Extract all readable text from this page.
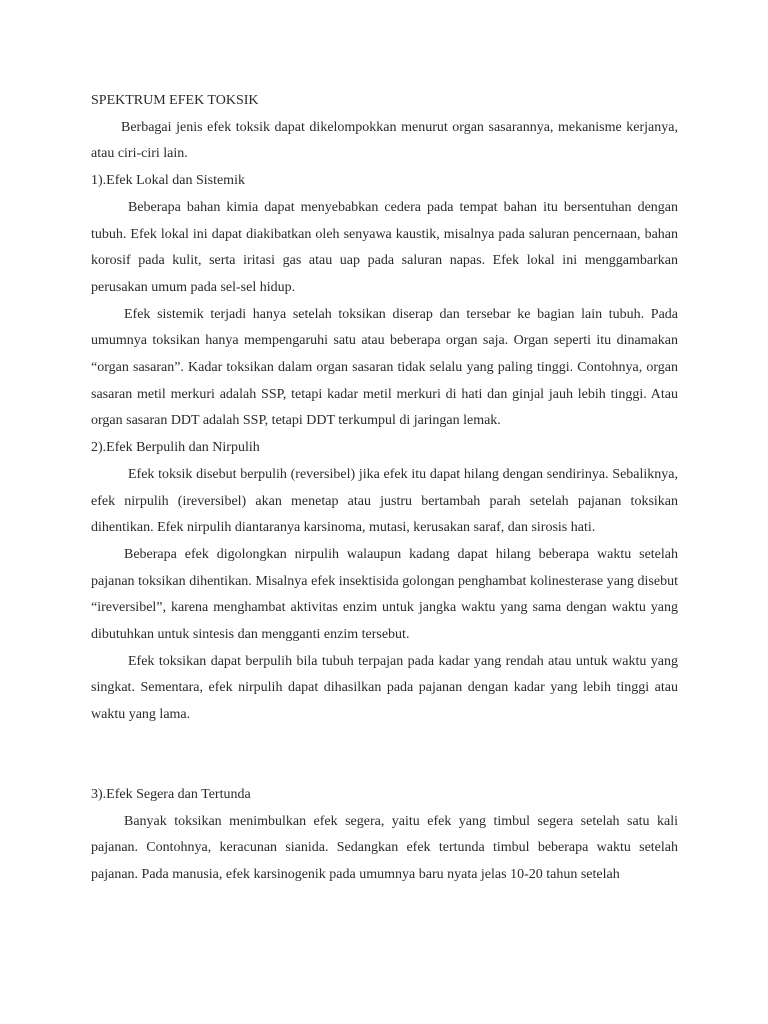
SPEKTRUM EFEK TOKSIK

Berbagai jenis efek toksik dapat dikelompokkan menurut organ sasarannya, mekanisme kerjanya, atau ciri-ciri lain.

1).Efek Lokal dan Sistemik

Beberapa bahan kimia dapat menyebabkan cedera pada tempat bahan itu bersentuhan dengan tubuh. Efek lokal ini dapat diakibatkan oleh senyawa kaustik, misalnya pada saluran pencernaan, bahan korosif pada kulit, serta iritasi gas atau uap pada saluran napas. Efek lokal ini menggambarkan perusakan umum pada sel-sel hidup.

Efek sistemik terjadi hanya setelah toksikan diserap dan tersebar ke bagian lain tubuh. Pada umumnya toksikan hanya mempengaruhi satu atau beberapa organ saja. Organ seperti itu dinamakan “organ sasaran”. Kadar toksikan dalam organ sasaran tidak selalu yang paling tinggi. Contohnya, organ sasaran metil merkuri adalah SSP, tetapi kadar metil merkuri di hati dan ginjal jauh lebih tinggi. Atau organ sasaran DDT adalah SSP, tetapi DDT terkumpul di jaringan lemak.

2).Efek Berpulih dan Nirpulih

Efek toksik disebut berpulih (reversibel) jika efek itu dapat hilang dengan sendirinya. Sebaliknya, efek nirpulih (ireversibel) akan menetap atau justru bertambah parah setelah pajanan toksikan dihentikan. Efek nirpulih diantaranya karsinoma, mutasi, kerusakan saraf, dan sirosis hati.

Beberapa efek digolongkan nirpulih walaupun kadang dapat hilang beberapa waktu setelah pajanan toksikan dihentikan. Misalnya efek insektisida golongan penghambat kolinesterase yang disebut “ireversibel”, karena menghambat aktivitas enzim untuk jangka waktu yang sama dengan waktu yang dibutuhkan untuk sintesis dan mengganti enzim tersebut.

Efek toksikan dapat berpulih bila tubuh terpajan pada kadar yang rendah atau untuk waktu yang singkat. Sementara, efek nirpulih dapat dihasilkan pada pajanan dengan kadar yang lebih tinggi atau waktu yang lama.

3).Efek Segera dan Tertunda

Banyak toksikan menimbulkan efek segera, yaitu efek yang timbul segera setelah satu kali pajanan. Contohnya, keracunan sianida. Sedangkan efek tertunda timbul beberapa waktu setelah pajanan. Pada manusia, efek karsinogenik pada umumnya baru nyata jelas 10-20 tahun setelah
